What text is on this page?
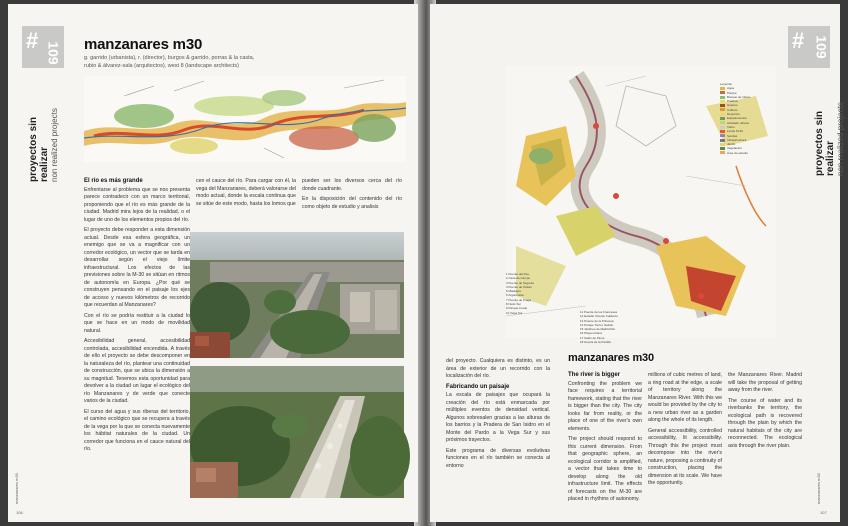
# 109
proyectos sin realizar
non realized projects
manzanares m30
g. garrido (urbanista), r. (director), burgos & garrido, porras & la casta,
rubio & álvarez-sala (arquitectos), west 8 (landscape architects)
El río es más grande

Enfrentarse al problema que se nos presenta parece contradecir con un marco territorial, proponiendo que el río es más grande de la ciudad. Madrid mira lejos de la realidad, o el lugar de uno de los elementos propios del río.

El proyecto debe responder a esta dimensión actual. Desde esa esfera geográfica, un enemigo que se va a magnificar con un corredor ecológico, un vector que se tarda en desarrollar según el viejo límite infraestructural. Los efectos de las previsiones sobre la M-30 se sitúan en ritmos de autonomía en Europa. ¿Por qué se construyen pensando en el paisaje los ejes de acceso y nuevos kilómetros de recorrido que recuerdan al Manzanares?

Con el río se podría restituir a la ciudad lo que se hace en un modo de movilidad natural.

Accesibilidad general, accesibilidad controlada, accesibilidad encendida. A través de ello el proyecto se debe descomponer en la naturaleza del río, plantear una continuidad de construcción, que se ubica la dimensión a su magnitud. Tenemos esta oportunidad para devolver a la ciudad un lugar el ecológico del río Manzanares y de verde que conecte varios de la ciudad.

El curso del agua y sus riberas del territorio, el camino ecológico que se recupera a través de la vega por la que se conecta nuevamente los hábitat naturales de la ciudad. Un corredor que funciona en el cauce natural del río.

cen el cauce del río. Para cargar con él, la vega del Manzanares, deberá valorarse del modo actual, donde la escala continua que se sitúe de este modo, hasta los lomos que

pueden ser los diversos cerca del río donde cuadrante.

En la disposición del contenido del río como objeto de estudio y analisis

manzanares m30
106
# 109
proyectos sin realizar
non realized projects
Leyenda
Agua
Parque
Bosque de ribera
Pradera
Huertos
Cultivos
Deportivo
Equipamientos
Arbolado urbano
Viario
Límite M-30
Sendas
Infraestructura
Jardín
Vegetación
Área de estudio
1 Puente del Rey
2 Casa de Campo
3 Puente de Segovia
4 Puente de Toledo
5 Matadero
6 Arganzuela
7 Puente de Praga
8 Nudo Sur
9 Parque Lineal
10 Vega Sur	11 Puente de los Franceses
12 Estadio Vicente Calderón
13 Puente de la Princesa
14 Parque Tierno Galván
15 Jardines de Madrid Río
16 Playa urbana
17 Salón de Pinos
18 Huerta de la Partida
manzanares m30

del proyecto. Cualquiera es distinto, es un área de exterior de un recorrido con la localización del río.

Fabricando un paisaje

La escala de paisajes que ocupará la creación del río está enmarcada por múltiples eventos de densidad vertical. Algunos sobresalen gracias a las alturas de los barrios y la Pradera de San Isidro en el Monte del Pardo a la Vega Sur y sus próximos trayectos.

Este programa de diversas evolutivas funciones en el río también se conecta al entorno

The river is bigger

Confronting the problem we face requires a territorial framework, stating that the river is bigger than the city. The city looks far from reality, or the place of one of the river's own elements.

The project should respond to this current dimension. From that geographic sphere, an ecological corridor is amplified, a vector that takes time to develop along the old infrastructure limit. The effects of forecasts on the M-30 are placed in rhythms of autonomy.

millions of cubic metres of land, a ring road at the edge, a scale of territory along the Manzanares River. With this we would be provided by the city to a new urban river as a garden along the whole of its length.

General accessibility, controlled accessibility, lit accessibility. Through this the project must decompose into the river's nature, proposing a continuity of construction, placing the dimension at its scale. We have the opportunity.

the Manzanares River. Madrid will take the proposal of getting away from the river.

The course of water and its riverbanks the territory, the ecological path is recovered through the plain by which the natural habitats of the city are reconnected. The ecological axis through the river plain.

manzanares m30
107
